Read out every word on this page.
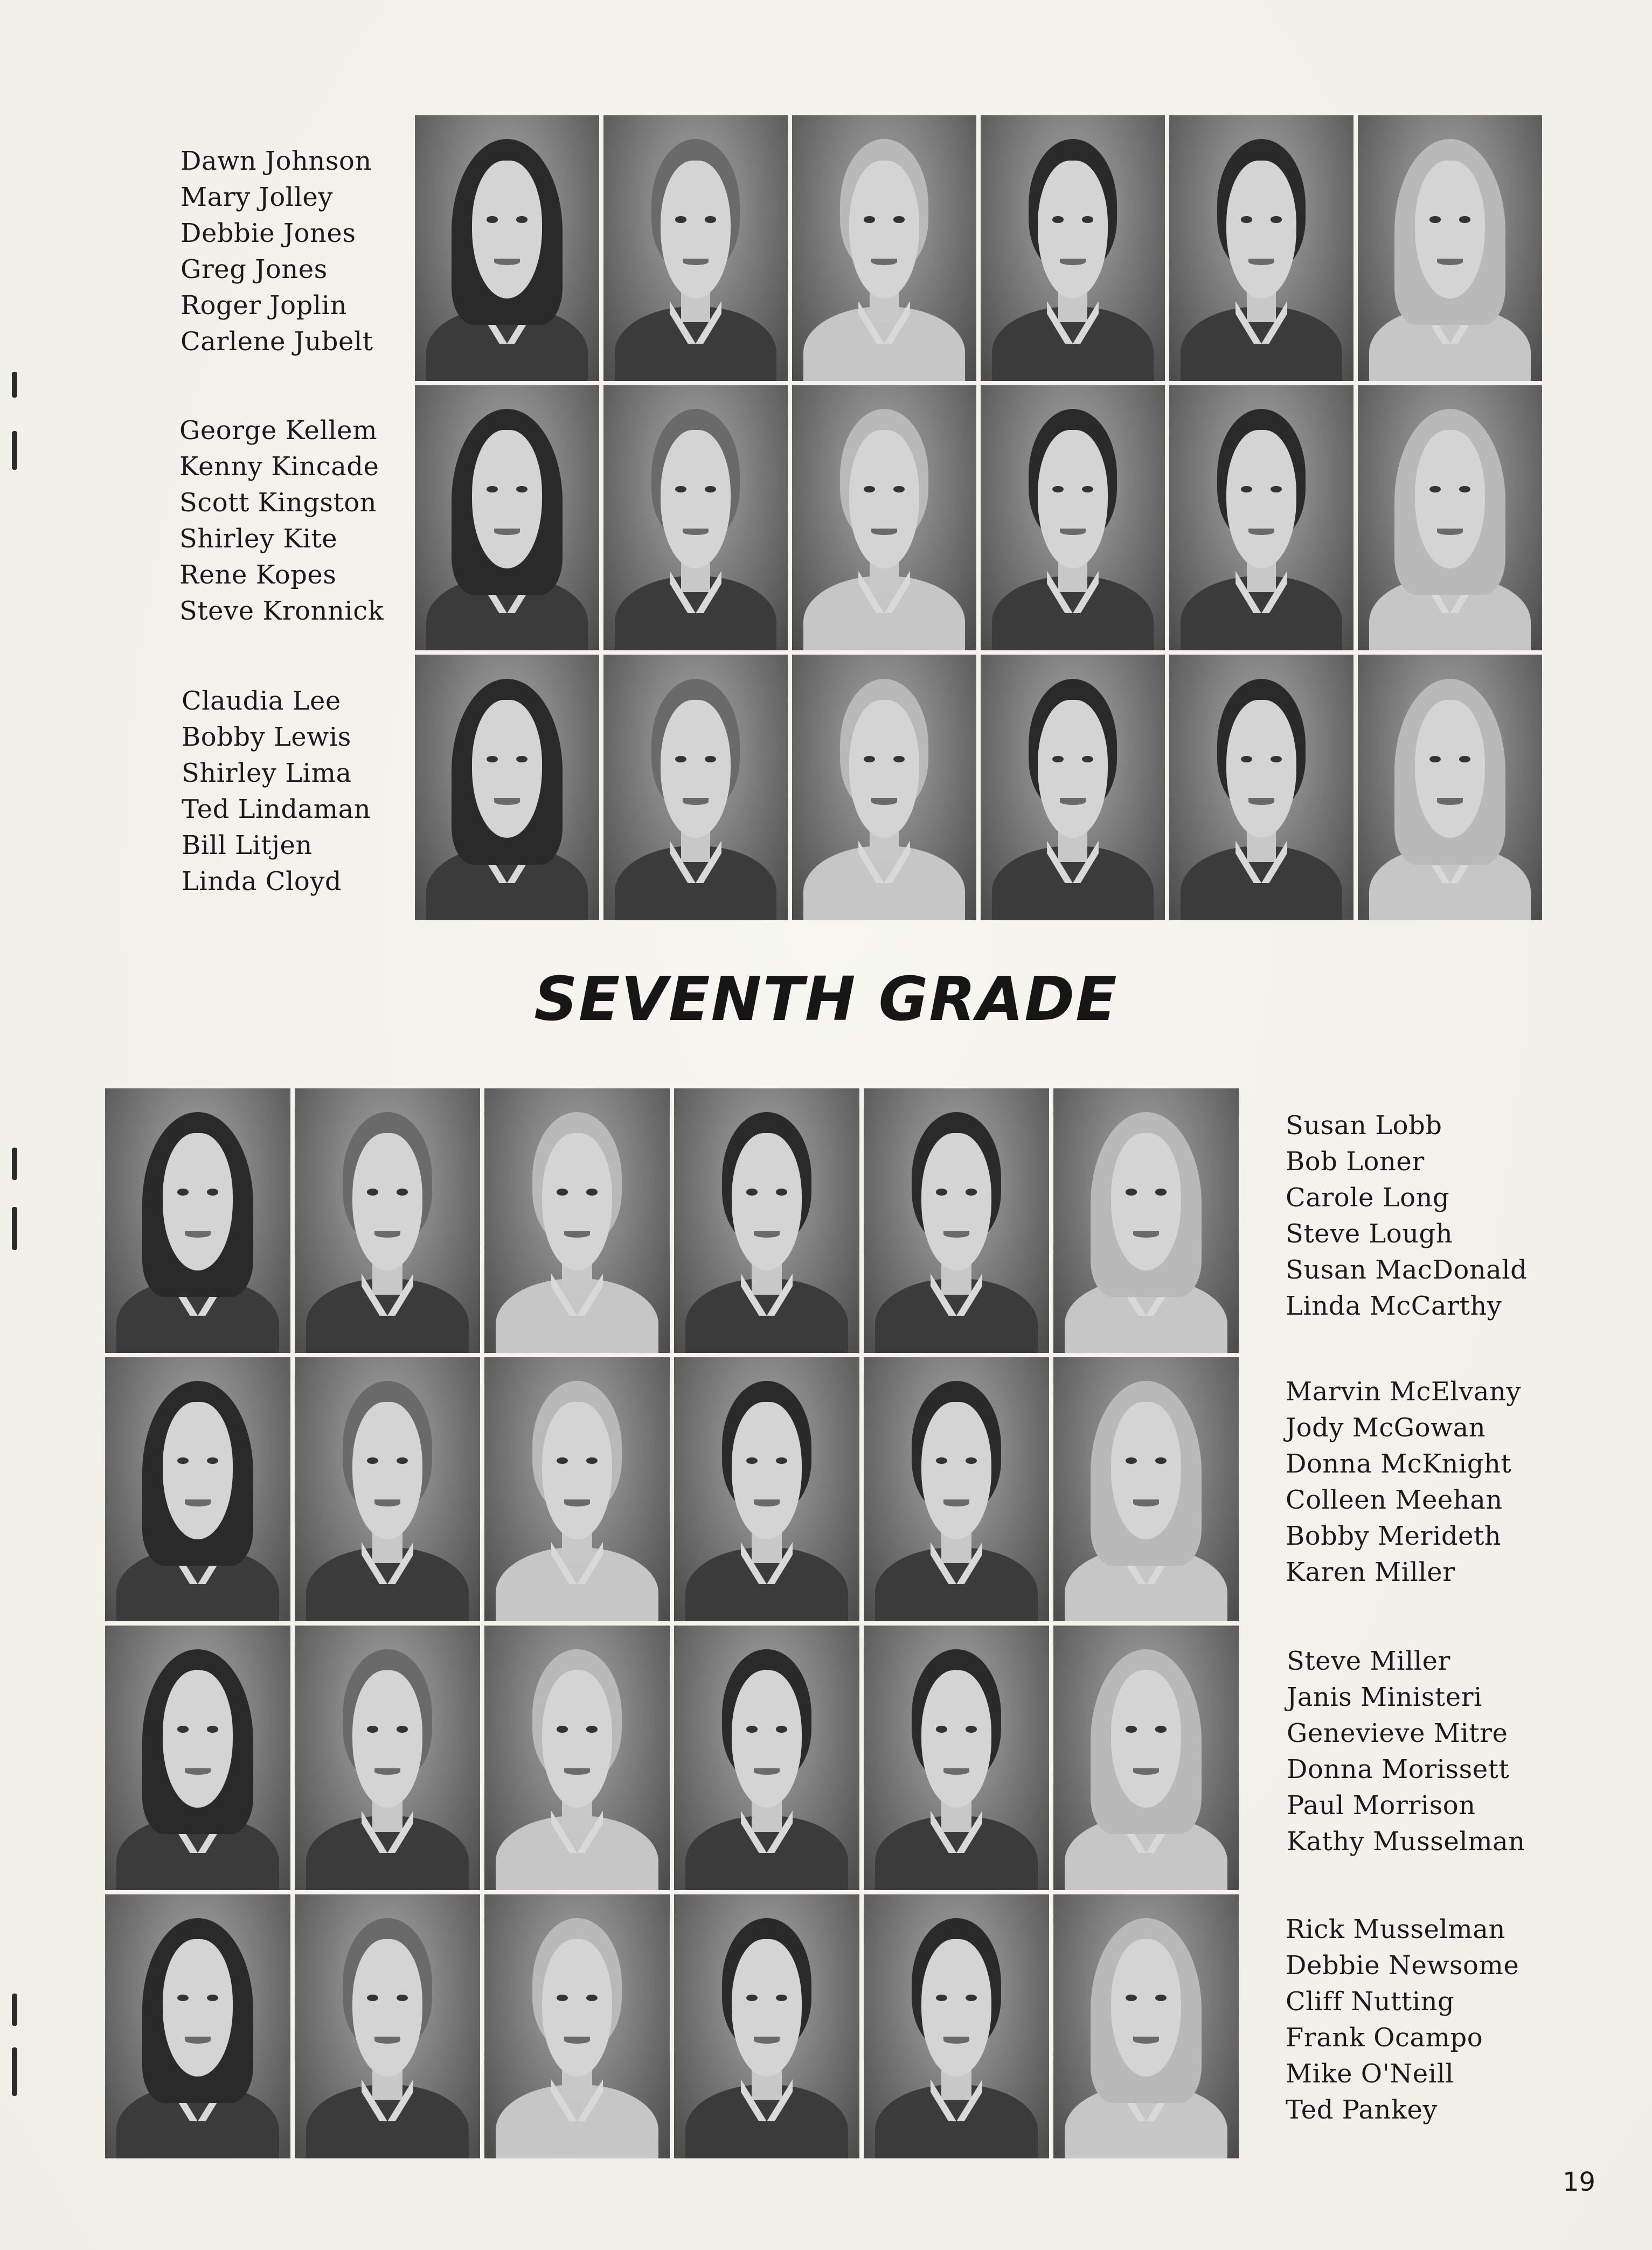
Dawn Johnson
Mary Jolley
Debbie Jones
Greg Jones
Roger Joplin
Carlene Jubelt
George Kellem
Kenny Kincade
Scott Kingston
Shirley Kite
Rene Kopes
Steve Kronnick
Claudia Lee
Bobby Lewis
Shirley Lima
Ted Lindaman
Bill Litjen
Linda Cloyd
SEVENTH GRADE
Susan Lobb
Bob Loner
Carole Long
Steve Lough
Susan MacDonald
Linda McCarthy
Marvin McElvany
Jody McGowan
Donna McKnight
Colleen Meehan
Bobby Merideth
Karen Miller
Steve Miller
Janis Ministeri
Genevieve Mitre
Donna Morissett
Paul Morrison
Kathy Musselman
Rick Musselman
Debbie Newsome
Cliff Nutting
Frank Ocampo
Mike O'Neill
Ted Pankey
19
